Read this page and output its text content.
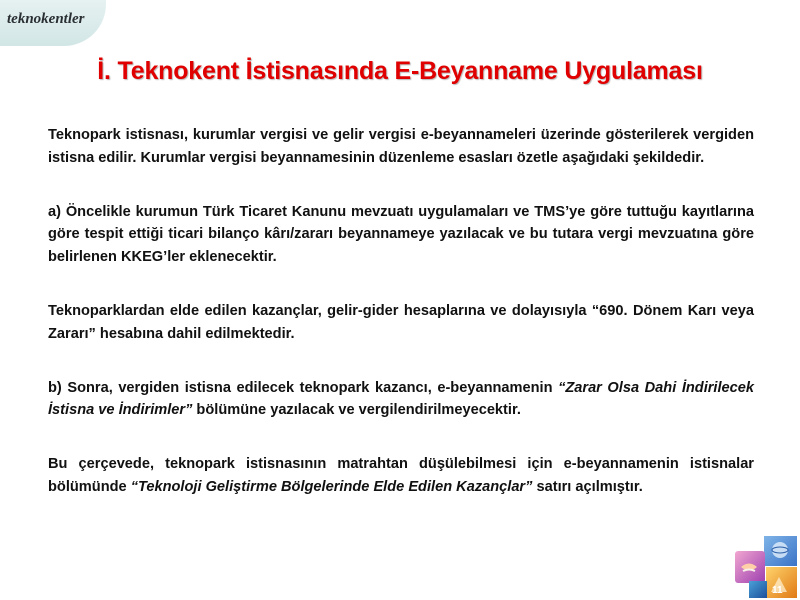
teknokentler
İ. Teknokent İstisnasında E-Beyanname Uygulaması

Teknopark istisnası, kurumlar vergisi ve gelir vergisi e-beyannameleri üzerinde gösterilerek vergiden istisna edilir. Kurumlar vergisi beyannamesinin düzenleme esasları özetle aşağıdaki şekildedir.

a) Öncelikle kurumun Türk Ticaret Kanunu mevzuatı uygulamaları ve TMS’ye göre tuttuğu kayıtlarına göre tespit ettiği ticari bilanço kârı/zararı beyannameye yazılacak ve bu tutara vergi mevzuatına göre belirlenen KKEG’ler eklenecektir.

Teknoparklardan elde edilen kazançlar, gelir-gider hesaplarına ve dolayısıyla “690. Dönem Karı veya Zararı” hesabına dahil edilmektedir.

b) Sonra, vergiden istisna edilecek teknopark kazancı, e-beyannamenin “Zarar Olsa Dahi İndirilecek İstisna ve İndirimler” bölümüne yazılacak ve vergilendirilmeyecektir.

Bu çerçevede, teknopark istisnasının matrahtan düşülebilmesi için e-beyannamenin istisnalar bölümünde “Teknoloji Geliştirme Bölgelerinde Elde Edilen Kazançlar” satırı açılmıştır.

11
